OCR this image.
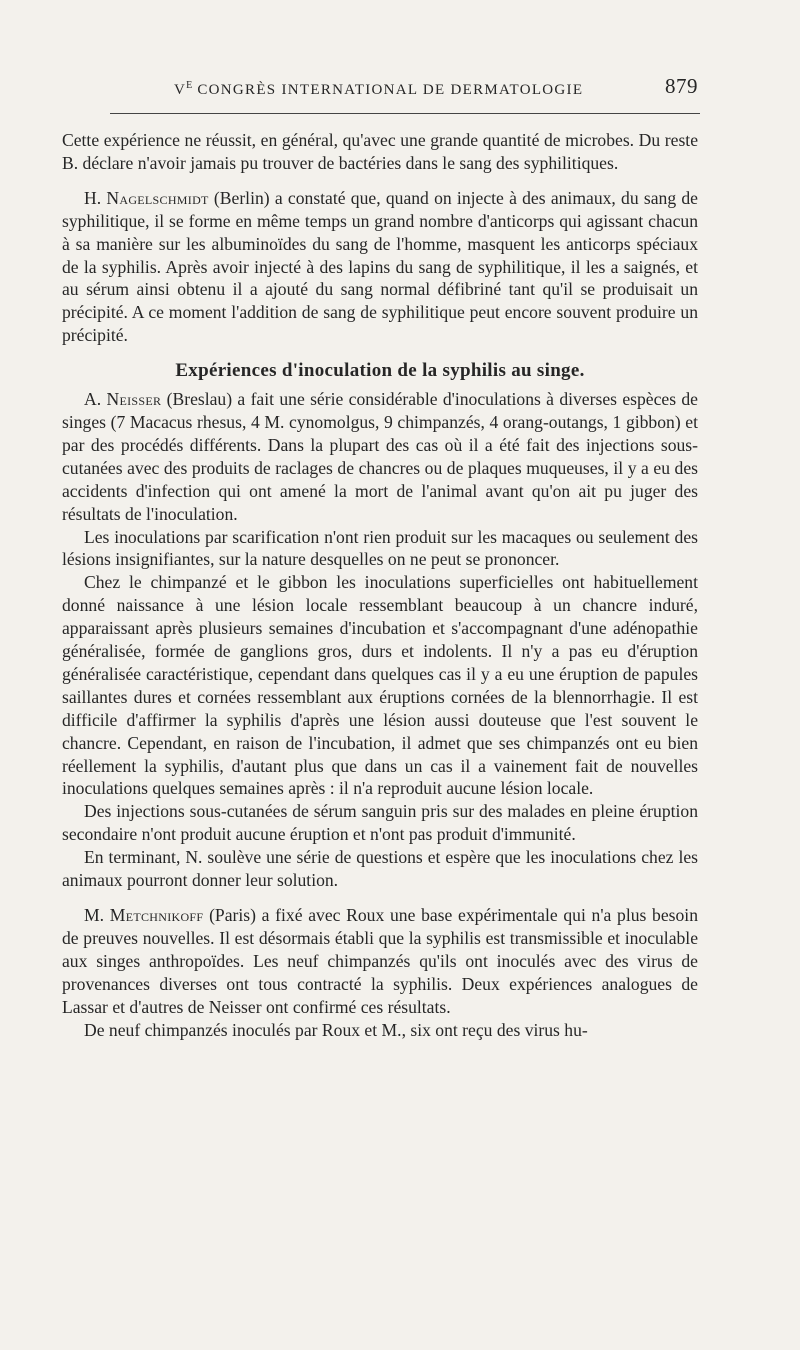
$V^E$ CONGRÈS INTERNATIONAL DE DERMATOLOGIE	879

Cette expérience ne réussit, en général, qu'avec une grande quantité de microbes. Du reste B. déclare n'avoir jamais pu trouver de bactéries dans le sang des syphilitiques.

H. Nagelschmidt (Berlin) a constaté que, quand on injecte à des animaux, du sang de syphilitique, il se forme en même temps un grand nombre d'anticorps qui agissant chacun à sa manière sur les albuminoïdes du sang de l'homme, masquent les anticorps spéciaux de la syphilis. Après avoir injecté à des lapins du sang de syphilitique, il les a saignés, et au sérum ainsi obtenu il a ajouté du sang normal défibriné tant qu'il se produisait un précipité. A ce moment l'addition de sang de syphilitique peut encore souvent produire un précipité.

Expériences d'inoculation de la syphilis au singe.

A. Neisser (Breslau) a fait une série considérable d'inoculations à diverses espèces de singes (7 Macacus rhesus, 4 M. cynomolgus, 9 chimpanzés, 4 orang-outangs, 1 gibbon) et par des procédés différents. Dans la plupart des cas où il a été fait des injections sous-cutanées avec des produits de raclages de chancres ou de plaques muqueuses, il y a eu des accidents d'infection qui ont amené la mort de l'animal avant qu'on ait pu juger des résultats de l'inoculation.

Les inoculations par scarification n'ont rien produit sur les macaques ou seulement des lésions insignifiantes, sur la nature desquelles on ne peut se prononcer.

Chez le chimpanzé et le gibbon les inoculations superficielles ont habituellement donné naissance à une lésion locale ressemblant beaucoup à un chancre induré, apparaissant après plusieurs semaines d'incubation et s'accompagnant d'une adénopathie généralisée, formée de ganglions gros, durs et indolents. Il n'y a pas eu d'éruption généralisée caractéristique, cependant dans quelques cas il y a eu une éruption de papules saillantes dures et cornées ressemblant aux éruptions cornées de la blennorrhagie. Il est difficile d'affirmer la syphilis d'après une lésion aussi douteuse que l'est souvent le chancre. Cependant, en raison de l'incubation, il admet que ses chimpanzés ont eu bien réellement la syphilis, d'autant plus que dans un cas il a vainement fait de nouvelles inoculations quelques semaines après : il n'a reproduit aucune lésion locale.

Des injections sous-cutanées de sérum sanguin pris sur des malades en pleine éruption secondaire n'ont produit aucune éruption et n'ont pas produit d'immunité.

En terminant, N. soulève une série de questions et espère que les inoculations chez les animaux pourront donner leur solution.

M. Metchnikoff (Paris) a fixé avec Roux une base expérimentale qui n'a plus besoin de preuves nouvelles. Il est désormais établi que la syphilis est transmissible et inoculable aux singes anthropoïdes. Les neuf chimpanzés qu'ils ont inoculés avec des virus de provenances diverses ont tous contracté la syphilis. Deux expériences analogues de Lassar et d'autres de Neisser ont confirmé ces résultats.

De neuf chimpanzés inoculés par Roux et M., six ont reçu des virus hu-
